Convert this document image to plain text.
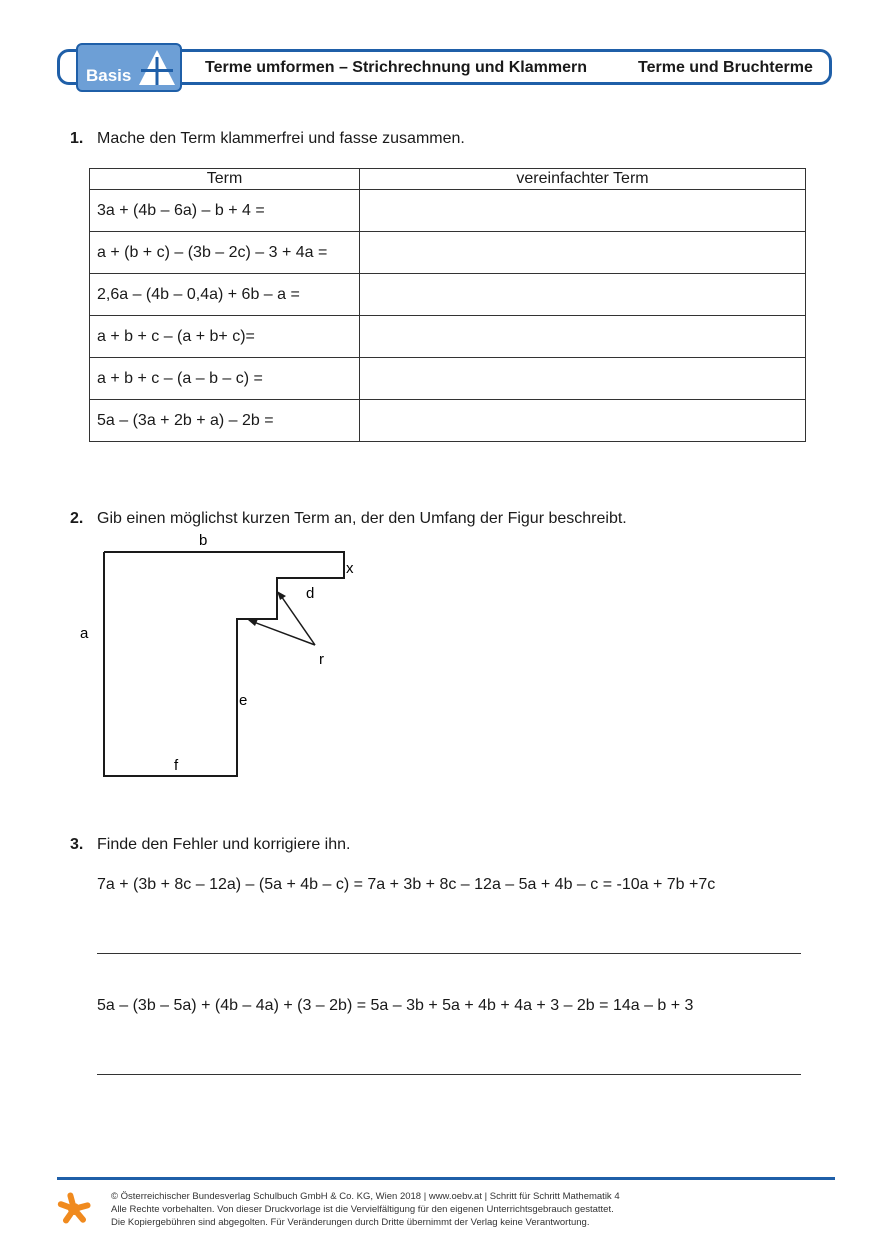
Basis	Terme umformen – Strichrechnung und Klammern	Terme und Bruchterme
1. Mache den Term klammerfrei und fasse zusammen.
Term	vereinfachter Term
3a + (4b – 6a) – b + 4 =	
a + (b + c) – (3b – 2c) – 3 + 4a =	
2,6a – (4b – 0,4a) + 6b – a =	
a + b + c – (a + b+ c)=	
a + b + c – (a – b – c) =	
5a – (3a + 2b + a) – 2b =	
2. Gib einen möglichst kurzen Term an, der den Umfang der Figur beschreibt.
b
a
x
d
r
e
f
3. Finde den Fehler und korrigiere ihn.
7a + (3b + 8c – 12a) – (5a + 4b – c) = 7a + 3b + 8c – 12a – 5a + 4b – c = -10a + 7b +7c
5a – (3b – 5a) + (4b – 4a) + (3 – 2b) = 5a – 3b + 5a + 4b + 4a + 3 – 2b = 14a – b + 3
© Österreichischer Bundesverlag Schulbuch GmbH & Co. KG, Wien 2018 | www.oebv.at | Schritt für Schritt Mathematik 4
Alle Rechte vorbehalten. Von dieser Druckvorlage ist die Vervielfältigung für den eigenen Unterrichtsgebrauch gestattet.
Die Kopiergebühren sind abgegolten. Für Veränderungen durch Dritte übernimmt der Verlag keine Verantwortung.
